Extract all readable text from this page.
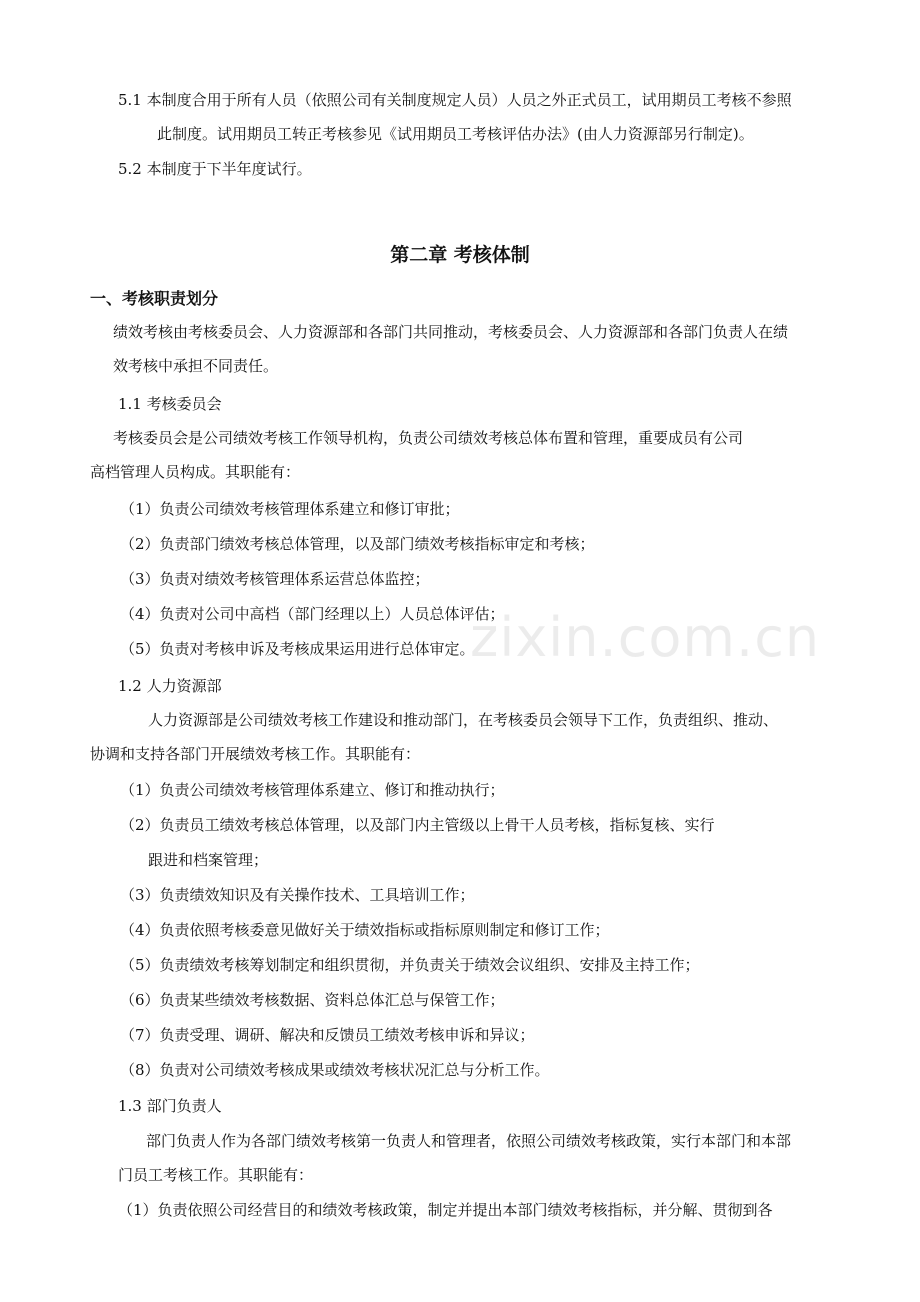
zixin.com.cn
5.1 本制度合用于所有人员（依照公司有关制度规定人员）人员之外正式员工，试用期员工考核不参照
此制度。试用期员工转正考核参见《试用期员工考核评估办法》(由人力资源部另行制定)。
5.2 本制度于下半年度试行。
第二章 考核体制
一、考核职责划分
绩效考核由考核委员会、人力资源部和各部门共同推动，考核委员会、人力资源部和各部门负责人在绩
效考核中承担不同责任。
1.1 考核委员会
考核委员会是公司绩效考核工作领导机构，负责公司绩效考核总体布置和管理，重要成员有公司
高档管理人员构成。其职能有：
（1）负责公司绩效考核管理体系建立和修订审批；
（2）负责部门绩效考核总体管理，以及部门绩效考核指标审定和考核；
（3）负责对绩效考核管理体系运营总体监控；
（4）负责对公司中高档（部门经理以上）人员总体评估；
（5）负责对考核申诉及考核成果运用进行总体审定。
1.2 人力资源部
人力资源部是公司绩效考核工作建设和推动部门，在考核委员会领导下工作，负责组织、推动、
协调和支持各部门开展绩效考核工作。其职能有：
（1）负责公司绩效考核管理体系建立、修订和推动执行；
（2）负责员工绩效考核总体管理，以及部门内主管级以上骨干人员考核，指标复核、实行
跟进和档案管理；
（3）负责绩效知识及有关操作技术、工具培训工作；
（4）负责依照考核委意见做好关于绩效指标或指标原则制定和修订工作；
（5）负责绩效考核筹划制定和组织贯彻，并负责关于绩效会议组织、安排及主持工作；
（6）负责某些绩效考核数据、资料总体汇总与保管工作；
（7）负责受理、调研、解决和反馈员工绩效考核申诉和异议；
（8）负责对公司绩效考核成果或绩效考核状况汇总与分析工作。
1.3 部门负责人
部门负责人作为各部门绩效考核第一负责人和管理者，依照公司绩效考核政策，实行本部门和本部
门员工考核工作。其职能有：
（1）负责依照公司经营目的和绩效考核政策，制定并提出本部门绩效考核指标，并分解、贯彻到各
